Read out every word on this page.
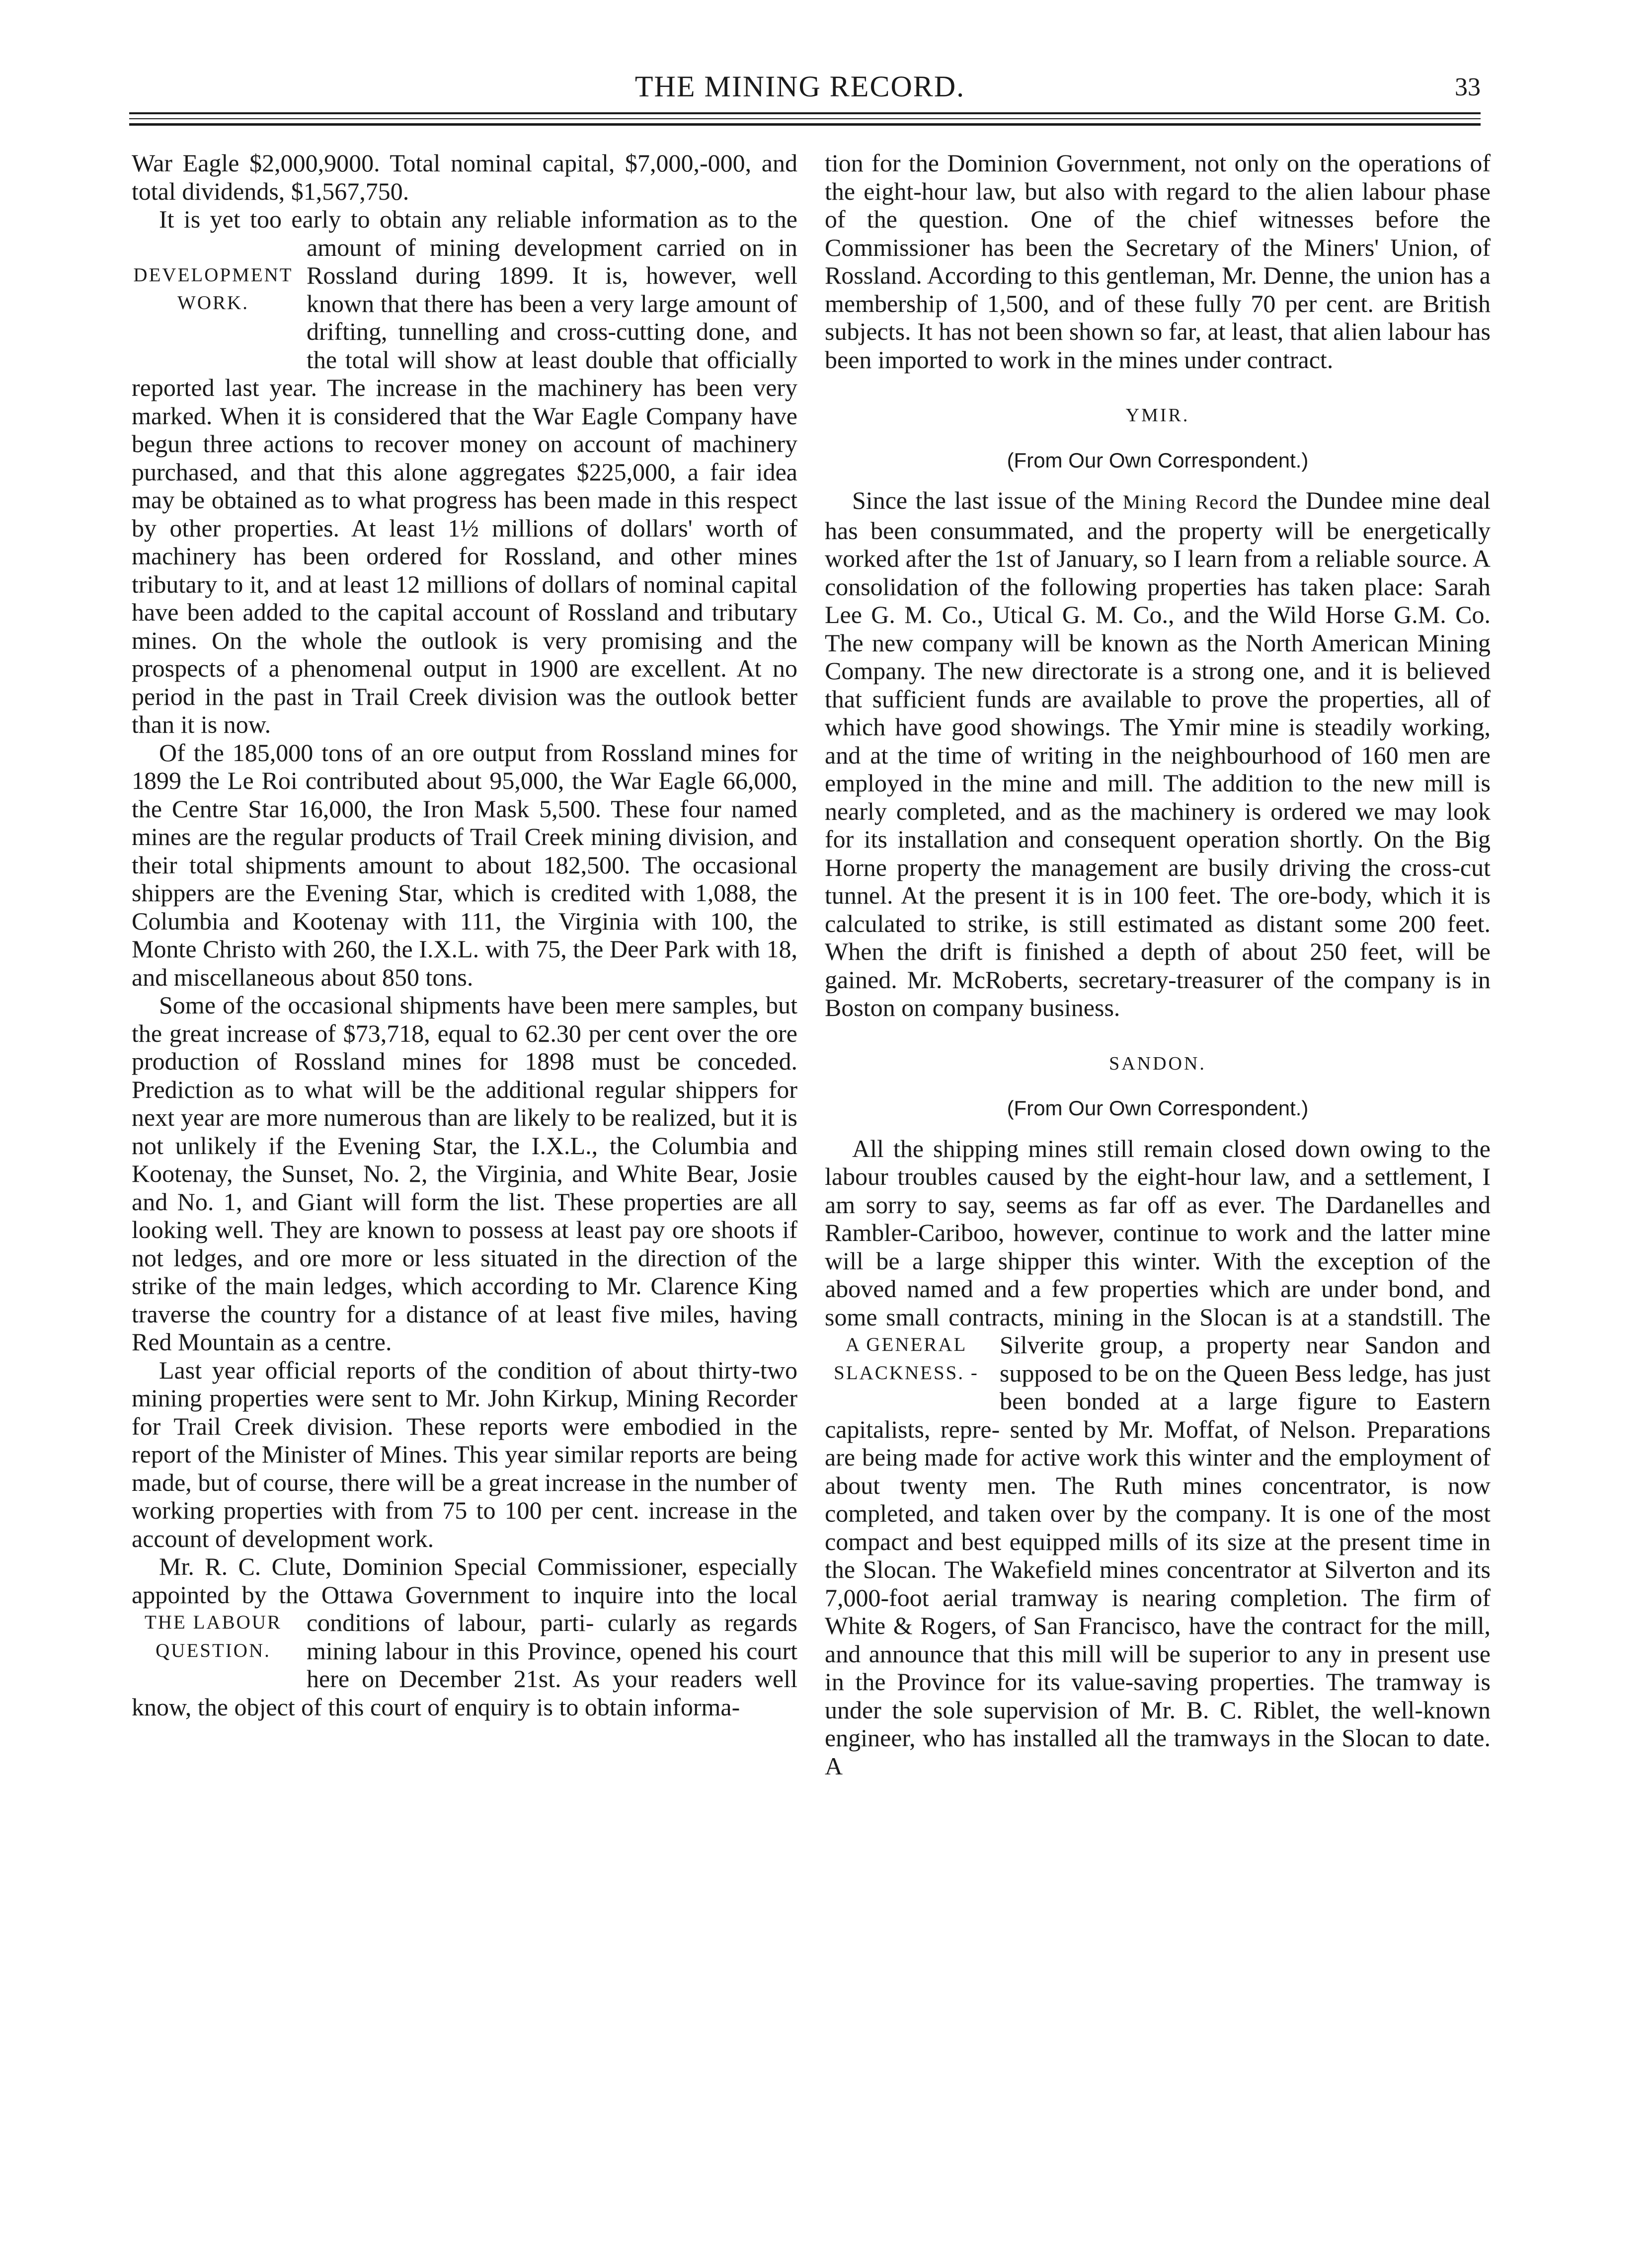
THE MINING RECORD.	33

War Eagle $2,000,9000. Total nominal capital, $7,000,-000, and total dividends, $1,567,750.

It is yet too early to obtain any reliable information as to the amount of mining development carried on in
DEVELOPMENT WORK.
Rossland during 1899. It is, however, well known that there has been a very large amount of drifting, tunnelling and cross-cutting done, and the total will show at least double that officially reported last year. The increase in the machinery has been very marked. When it is considered that the War Eagle Company have begun three actions to recover money on account of machinery purchased, and that this alone aggregates $225,000, a fair idea may be obtained as to what progress has been made in this respect by other properties. At least 1½ millions of dollars' worth of machinery has been ordered for Rossland, and other mines tributary to it, and at least 12 millions of dollars of nominal capital have been added to the capital account of Rossland and tributary mines. On the whole the outlook is very promising and the prospects of a phenomenal output in 1900 are excellent. At no period in the past in Trail Creek division was the outlook better than it is now.

Of the 185,000 tons of an ore output from Rossland mines for 1899 the Le Roi contributed about 95,000, the War Eagle 66,000, the Centre Star 16,000, the Iron Mask 5,500. These four named mines are the regular products of Trail Creek mining division, and their total shipments amount to about 182,500. The occasional shippers are the Evening Star, which is credited with 1,088, the Columbia and Kootenay with 111, the Virginia with 100, the Monte Christo with 260, the I.X.L. with 75, the Deer Park with 18, and miscellaneous about 850 tons.

Some of the occasional shipments have been mere samples, but the great increase of $73,718, equal to 62.30 per cent over the ore production of Rossland mines for 1898 must be conceded. Prediction as to what will be the additional regular shippers for next year are more numerous than are likely to be realized, but it is not unlikely if the Evening Star, the I.X.L., the Columbia and Kootenay, the Sunset, No. 2, the Virginia, and White Bear, Josie and No. 1, and Giant will form the list. These properties are all looking well. They are known to possess at least pay ore shoots if not ledges, and ore more or less situated in the direction of the strike of the main ledges, which according to Mr. Clarence King traverse the country for a distance of at least five miles, having Red Mountain as a centre.

Last year official reports of the condition of about thirty-two mining properties were sent to Mr. John Kirkup, Mining Recorder for Trail Creek division. These reports were embodied in the report of the Minister of Mines. This year similar reports are being made, but of course, there will be a great increase in the number of working properties with from 75 to 100 per cent. increase in the account of development work.

Mr. R. C. Clute, Dominion Special Commissioner, especially appointed by the Ottawa Government to inquire into the local conditions of labour, parti-
THE LABOUR QUESTION.
cularly as regards mining labour in this Province, opened his court here on December 21st. As your readers well know, the object of this court of enquiry is to obtain informa-

tion for the Dominion Government, not only on the operations of the eight-hour law, but also with regard to the alien labour phase of the question. One of the chief witnesses before the Commissioner has been the Secretary of the Miners' Union, of Rossland. According to this gentleman, Mr. Denne, the union has a membership of 1,500, and of these fully 70 per cent. are British subjects. It has not been shown so far, at least, that alien labour has been imported to work in the mines under contract.

YMIR.
(From Our Own Correspondent.)

Since the last issue of the Mining Record the Dundee mine deal has been consummated, and the property will be energetically worked after the 1st of January, so I learn from a reliable source. A consolidation of the following properties has taken place: Sarah Lee G. M. Co., Utical G. M. Co., and the Wild Horse G.M. Co. The new company will be known as the North American Mining Company. The new directorate is a strong one, and it is believed that sufficient funds are available to prove the properties, all of which have good showings. The Ymir mine is steadily working, and at the time of writing in the neighbourhood of 160 men are employed in the mine and mill. The addition to the new mill is nearly completed, and as the machinery is ordered we may look for its installation and consequent operation shortly. On the Big Horne property the management are busily driving the cross-cut tunnel. At the present it is in 100 feet. The ore-body, which it is calculated to strike, is still estimated as distant some 200 feet. When the drift is finished a depth of about 250 feet, will be gained. Mr. McRoberts, secretary-treasurer of the company is in Boston on company business.

SANDON.
(From Our Own Correspondent.)

All the shipping mines still remain closed down owing to the labour troubles caused by the eight-hour law, and a settlement, I am sorry to say, seems as far off as ever. The Dardanelles and Rambler-Cariboo, however, continue to work and the latter mine will be a large shipper this winter. With the exception of the aboved named and a few properties which are under bond, and some small contracts, mining in the Slocan is at a standstill. The Silverite
A GENERAL SLACKNESS. -
group, a property near Sandon and supposed to be on the Queen Bess ledge, has just been bonded at a large figure to Eastern capitalists, repre- sented by Mr. Moffat, of Nelson. Preparations are being made for active work this winter and the employment of about twenty men. The Ruth mines concentrator, is now completed, and taken over by the company. It is one of the most compact and best equipped mills of its size at the present time in the Slocan. The Wakefield mines concentrator at Silverton and its 7,000-foot aerial tramway is nearing completion. The firm of White & Rogers, of San Francisco, have the contract for the mill, and announce that this mill will be superior to any in present use in the Province for its value-saving properties. The tramway is under the sole supervision of Mr. B. C. Riblet, the well-known engineer, who has installed all the tramways in the Slocan to date. A
